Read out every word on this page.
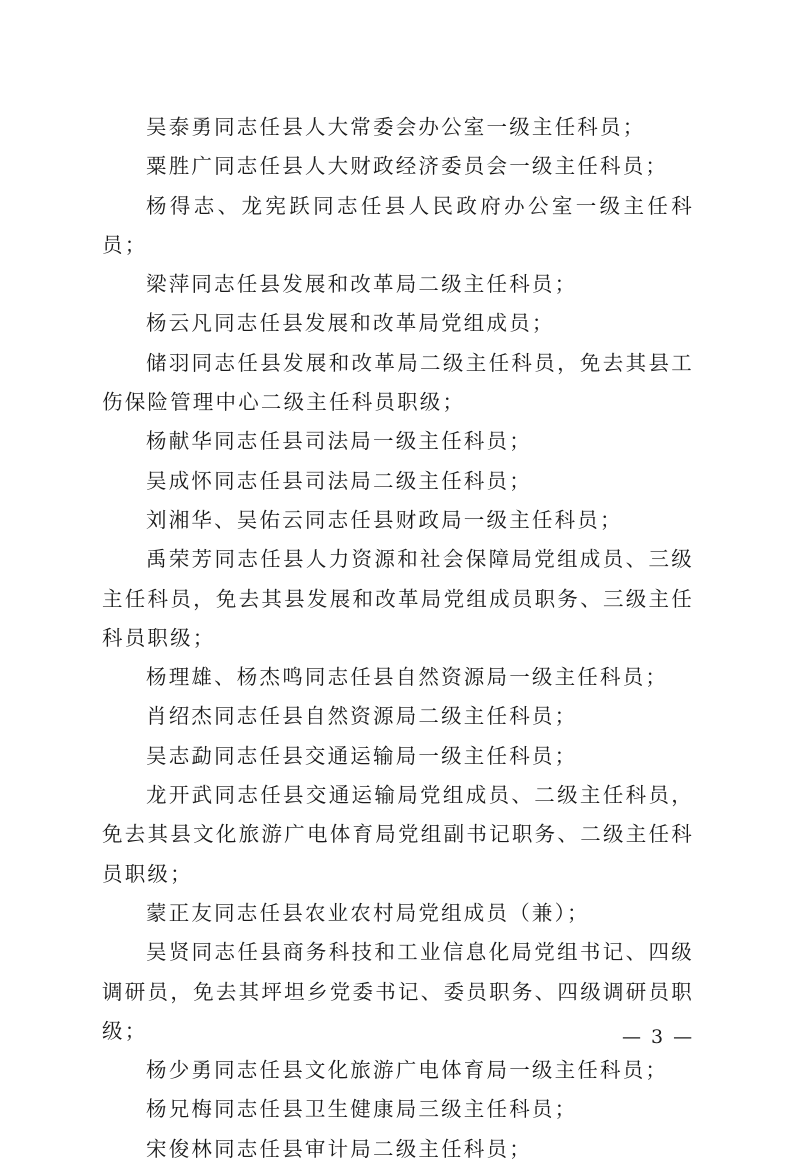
吴泰勇同志任县人大常委会办公室一级主任科员；

粟胜广同志任县人大财政经济委员会一级主任科员；

杨得志、龙宪跃同志任县人民政府办公室一级主任科员；

梁萍同志任县发展和改革局二级主任科员；

杨云凡同志任县发展和改革局党组成员；

储羽同志任县发展和改革局二级主任科员，免去其县工伤保险管理中心二级主任科员职级；

杨献华同志任县司法局一级主任科员；

吴成怀同志任县司法局二级主任科员；

刘湘华、吴佑云同志任县财政局一级主任科员；

禹荣芳同志任县人力资源和社会保障局党组成员、三级主任科员，免去其县发展和改革局党组成员职务、三级主任科员职级；

杨理雄、杨杰鸣同志任县自然资源局一级主任科员；

肖绍杰同志任县自然资源局二级主任科员；

吴志勐同志任县交通运输局一级主任科员；

龙开武同志任县交通运输局党组成员、二级主任科员，免去其县文化旅游广电体育局党组副书记职务、二级主任科员职级；

蒙正友同志任县农业农村局党组成员（兼）；

吴贤同志任县商务科技和工业信息化局党组书记、四级调研员，免去其坪坦乡党委书记、委员职务、四级调研员职级；

杨少勇同志任县文化旅游广电体育局一级主任科员；

杨兄梅同志任县卫生健康局三级主任科员；

宋俊林同志任县审计局二级主任科员；

— 3 —
